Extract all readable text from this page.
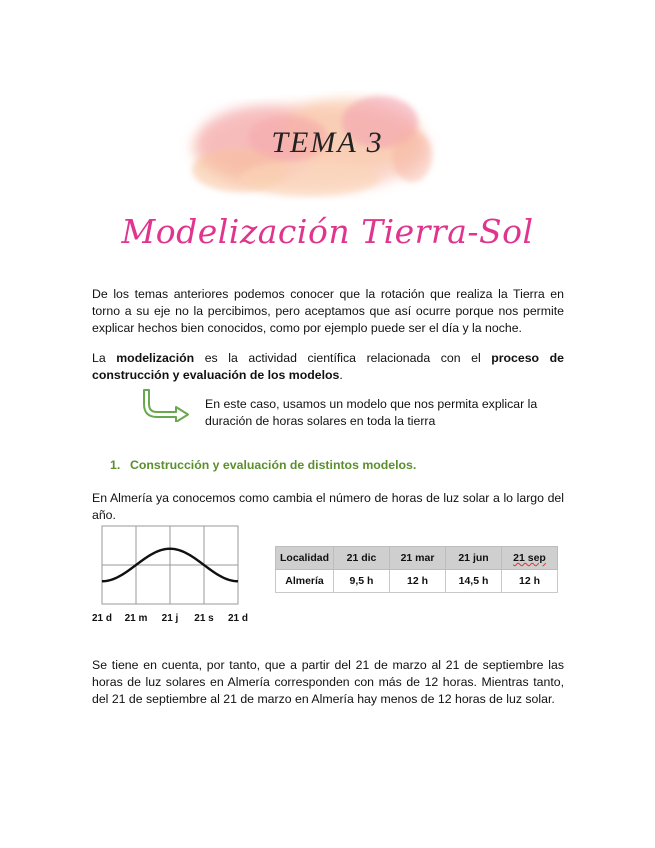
TEMA 3
Modelización Tierra-Sol
De los temas anteriores podemos conocer que la rotación que realiza la Tierra en torno a su eje no la percibimos, pero aceptamos que así ocurre porque nos permite explicar hechos bien conocidos, como por ejemplo puede ser el día y la noche.
La modelización es la actividad científica relacionada con el proceso de construcción y evaluación de los modelos.
En este caso, usamos un modelo que nos permita explicar la duración de horas solares en toda la tierra
1. Construcción y evaluación de distintos modelos.
En Almería ya conocemos como cambia el número de horas de luz solar a lo largo del año.
21 d 21 m 21 j 21 s 21 d
Localidad	21 dic	21 mar	21 jun	21 sep
Almería	9,5 h	12 h	14,5 h	12 h
Se tiene en cuenta, por tanto, que a partir del 21 de marzo al 21 de septiembre las horas de luz solares en Almería corresponden con más de 12 horas. Mientras tanto, del 21 de septiembre al 21 de marzo en Almería hay menos de 12 horas de luz solar.
